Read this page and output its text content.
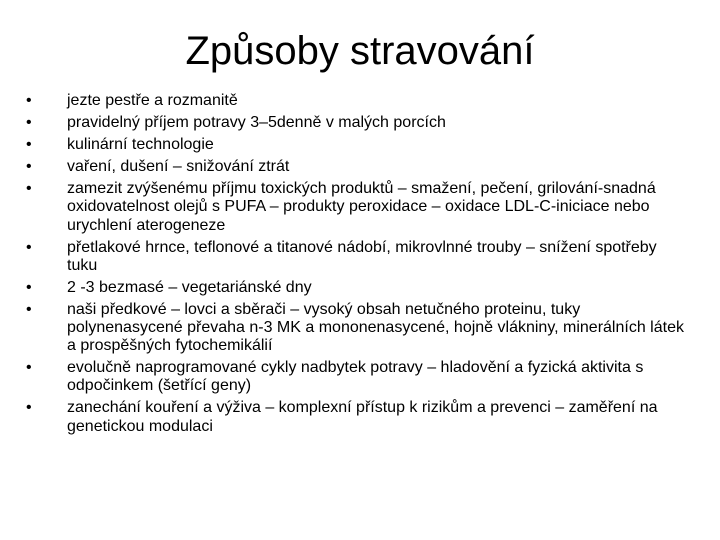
Způsoby stravování
•	jezte pestře a rozmanitě
•	pravidelný příjem potravy 3–5denně v malých porcích
•	kulinární technologie
•	vaření, dušení – snižování ztrát
•	zamezit zvýšenému příjmu toxických produktů – smažení, pečení, grilování-snadná oxidovatelnost olejů s PUFA – produkty peroxidace – oxidace LDL-C-iniciace nebo urychlení aterogeneze
•	přetlakové hrnce, teflonové a titanové nádobí, mikrovlnné trouby – snížení spotřeby tuku
•	2 -3 bezmasé – vegetariánské dny
•	naši předkové – lovci a sběrači – vysoký obsah netučného proteinu, tuky polynenasycené převaha n-3 MK a mononenasycené, hojně vlákniny, minerálních látek a prospěšných fytochemikálií
•	evolučně naprogramované cykly nadbytek potravy – hladovění a fyzická aktivita s odpočinkem (šetřící geny)
•	zanechání kouření a výživa – komplexní přístup k rizikům a prevenci – zaměření na genetickou modulaci
